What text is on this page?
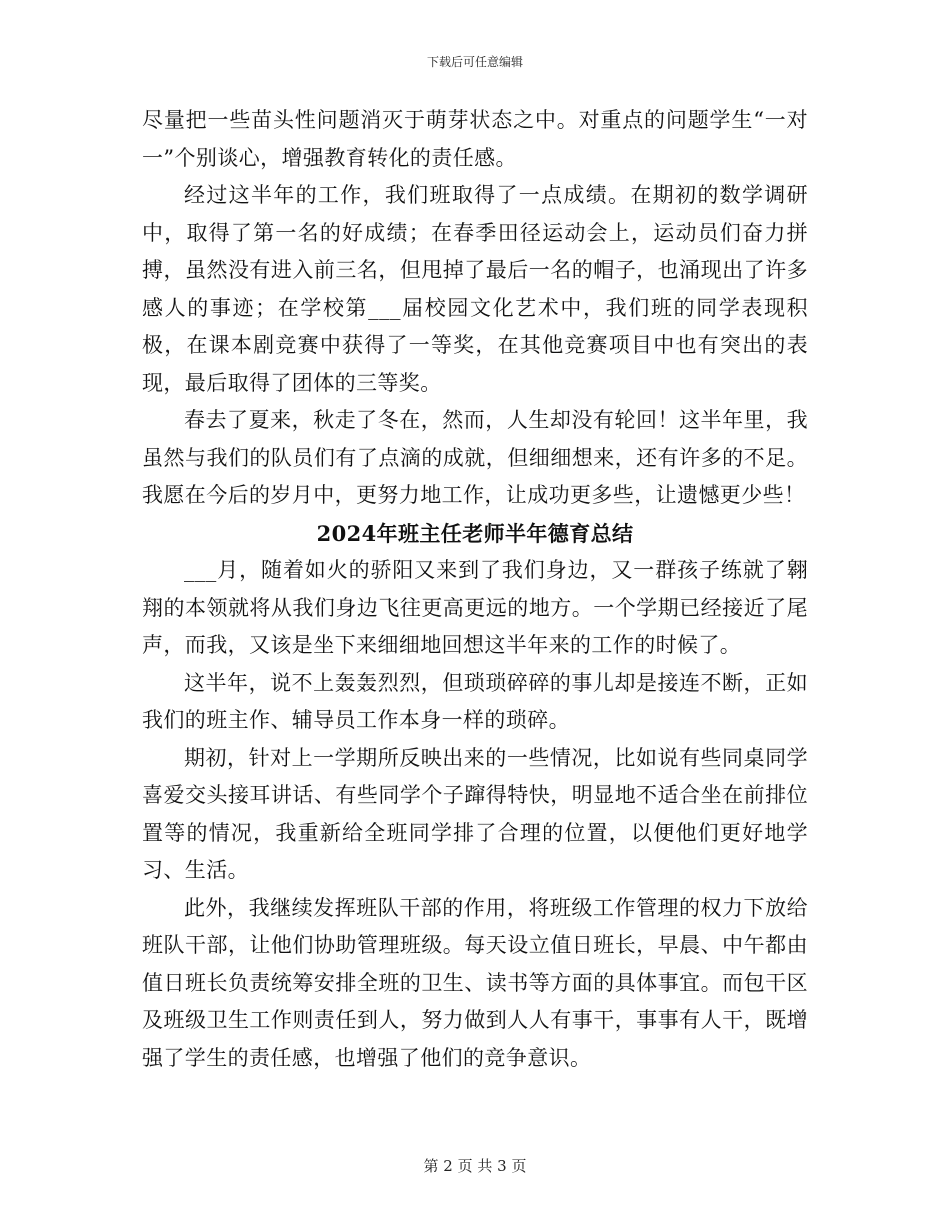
下载后可任意编辑

尽量把一些苗头性问题消灭于萌芽状态之中。对重点的问题学生“一对一”个别谈心，增强教育转化的责任感。

经过这半年的工作，我们班取得了一点成绩。在期初的数学调研中，取得了第一名的好成绩；在春季田径运动会上，运动员们奋力拼搏，虽然没有进入前三名，但甩掉了最后一名的帽子，也涌现出了许多感人的事迹；在学校第___届校园文化艺术中，我们班的同学表现积极，在课本剧竞赛中获得了一等奖，在其他竞赛项目中也有突出的表现，最后取得了团体的三等奖。

春去了夏来，秋走了冬在，然而，人生却没有轮回！这半年里，我虽然与我们的队员们有了点滴的成就，但细细想来，还有许多的不足。我愿在今后的岁月中，更努力地工作，让成功更多些，让遗憾更少些！

2024年班主任老师半年德育总结

___月，随着如火的骄阳又来到了我们身边，又一群孩子练就了翱翔的本领就将从我们身边飞往更高更远的地方。一个学期已经接近了尾声，而我，又该是坐下来细细地回想这半年来的工作的时候了。

这半年，说不上轰轰烈烈，但琐琐碎碎的事儿却是接连不断，正如我们的班主作、辅导员工作本身一样的琐碎。

期初，针对上一学期所反映出来的一些情况，比如说有些同桌同学喜爱交头接耳讲话、有些同学个子蹿得特快，明显地不适合坐在前排位置等的情况，我重新给全班同学排了合理的位置，以便他们更好地学习、生活。

此外，我继续发挥班队干部的作用，将班级工作管理的权力下放给班队干部，让他们协助管理班级。每天设立值日班长，早晨、中午都由值日班长负责统筹安排全班的卫生、读书等方面的具体事宜。而包干区及班级卫生工作则责任到人，努力做到人人有事干，事事有人干，既增强了学生的责任感，也增强了他们的竞争意识。

第 2 页 共 3 页
